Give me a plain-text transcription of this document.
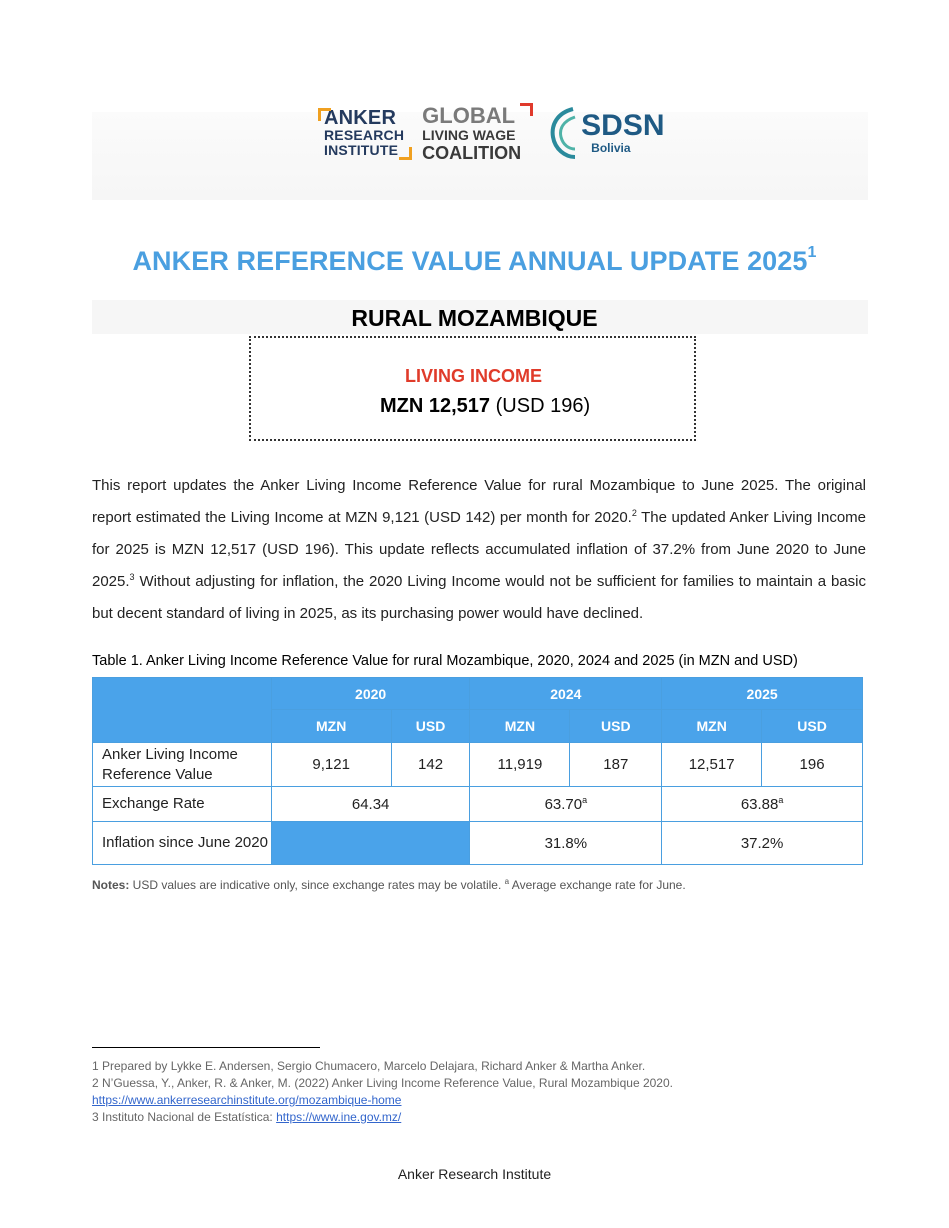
ANKER
RESEARCH
INSTITUTE
GLOBAL
LIVING WAGE
COALITION
SDSN
Bolivia
ANKER REFERENCE VALUE ANNUAL UPDATE 2025$^1$
RURAL MOZAMBIQUE
LIVING INCOME
MZN 12,517 (USD 196)
This report updates the Anker Living Income Reference Value for rural Mozambique to June 2025. The original report estimated the Living Income at MZN 9,121 (USD 142) per month for 2020.$^2$ The updated Anker Living Income for 2025 is MZN 12,517 (USD 196). This update reflects accumulated inflation of 37.2% from June 2020 to June 2025.$^3$ Without adjusting for inflation, the 2020 Living Income would not be sufficient for families to maintain a basic but decent standard of living in 2025, as its purchasing power would have declined.
Table 1. Anker Living Income Reference Value for rural Mozambique, 2020, 2024 and 2025 (in MZN and USD)
	2020		2024		2025	
	MZN	USD	MZN	USD	MZN	USD
Anker Living Income Reference Value	9,121	142	11,919	187	12,517	196
Exchange Rate	64.34		63.70$^a$		63.88$^a$
Inflation since June 2020			31.8%		37.2%	
Notes: USD values are indicative only, since exchange rates may be volatile. $^a$ Average exchange rate for June.
1 Prepared by Lykke E. Andersen, Sergio Chumacero, Marcelo Delajara, Richard Anker & Martha Anker.
2 N’Guessa, Y., Anker, R. & Anker, M. (2022) Anker Living Income Reference Value, Rural Mozambique 2020.
https://www.ankerresearchinstitute.org/mozambique-home
3 Instituto Nacional de Estatística: https://www.ine.gov.mz/
Anker Research Institute
